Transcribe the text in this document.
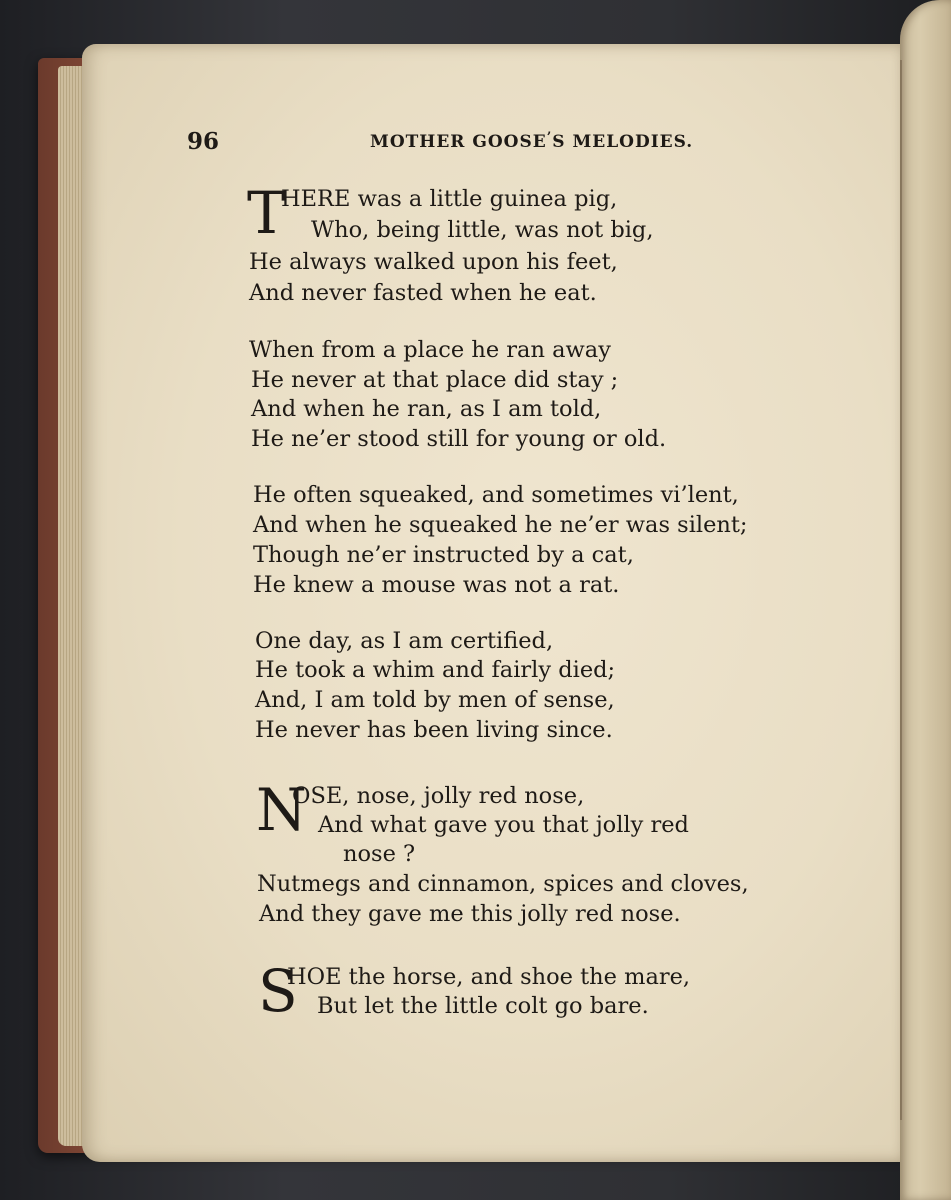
96	MOTHER GOOSE’S MELODIES.
T
HERE was a little guinea pig,
Who, being little, was not big,
He always walked upon his feet,
And never fasted when he eat.
When from a place he ran away
He never at that place did stay ;
And when he ran, as I am told,
He ne’er stood still for young or old.
He often squeaked, and sometimes vi’lent,
And when he squeaked he ne’er was silent;
Though ne’er instructed by a cat,
He knew a mouse was not a rat.
One day, as I am certified,
He took a whim and fairly died;
And, I am told by men of sense,
He never has been living since.
N
OSE, nose, jolly red nose,
And what gave you that jolly red
nose ?
Nutmegs and cinnamon, spices and cloves,
And they gave me this jolly red nose.
S
HOE the horse, and shoe the mare,
But let the little colt go bare.
